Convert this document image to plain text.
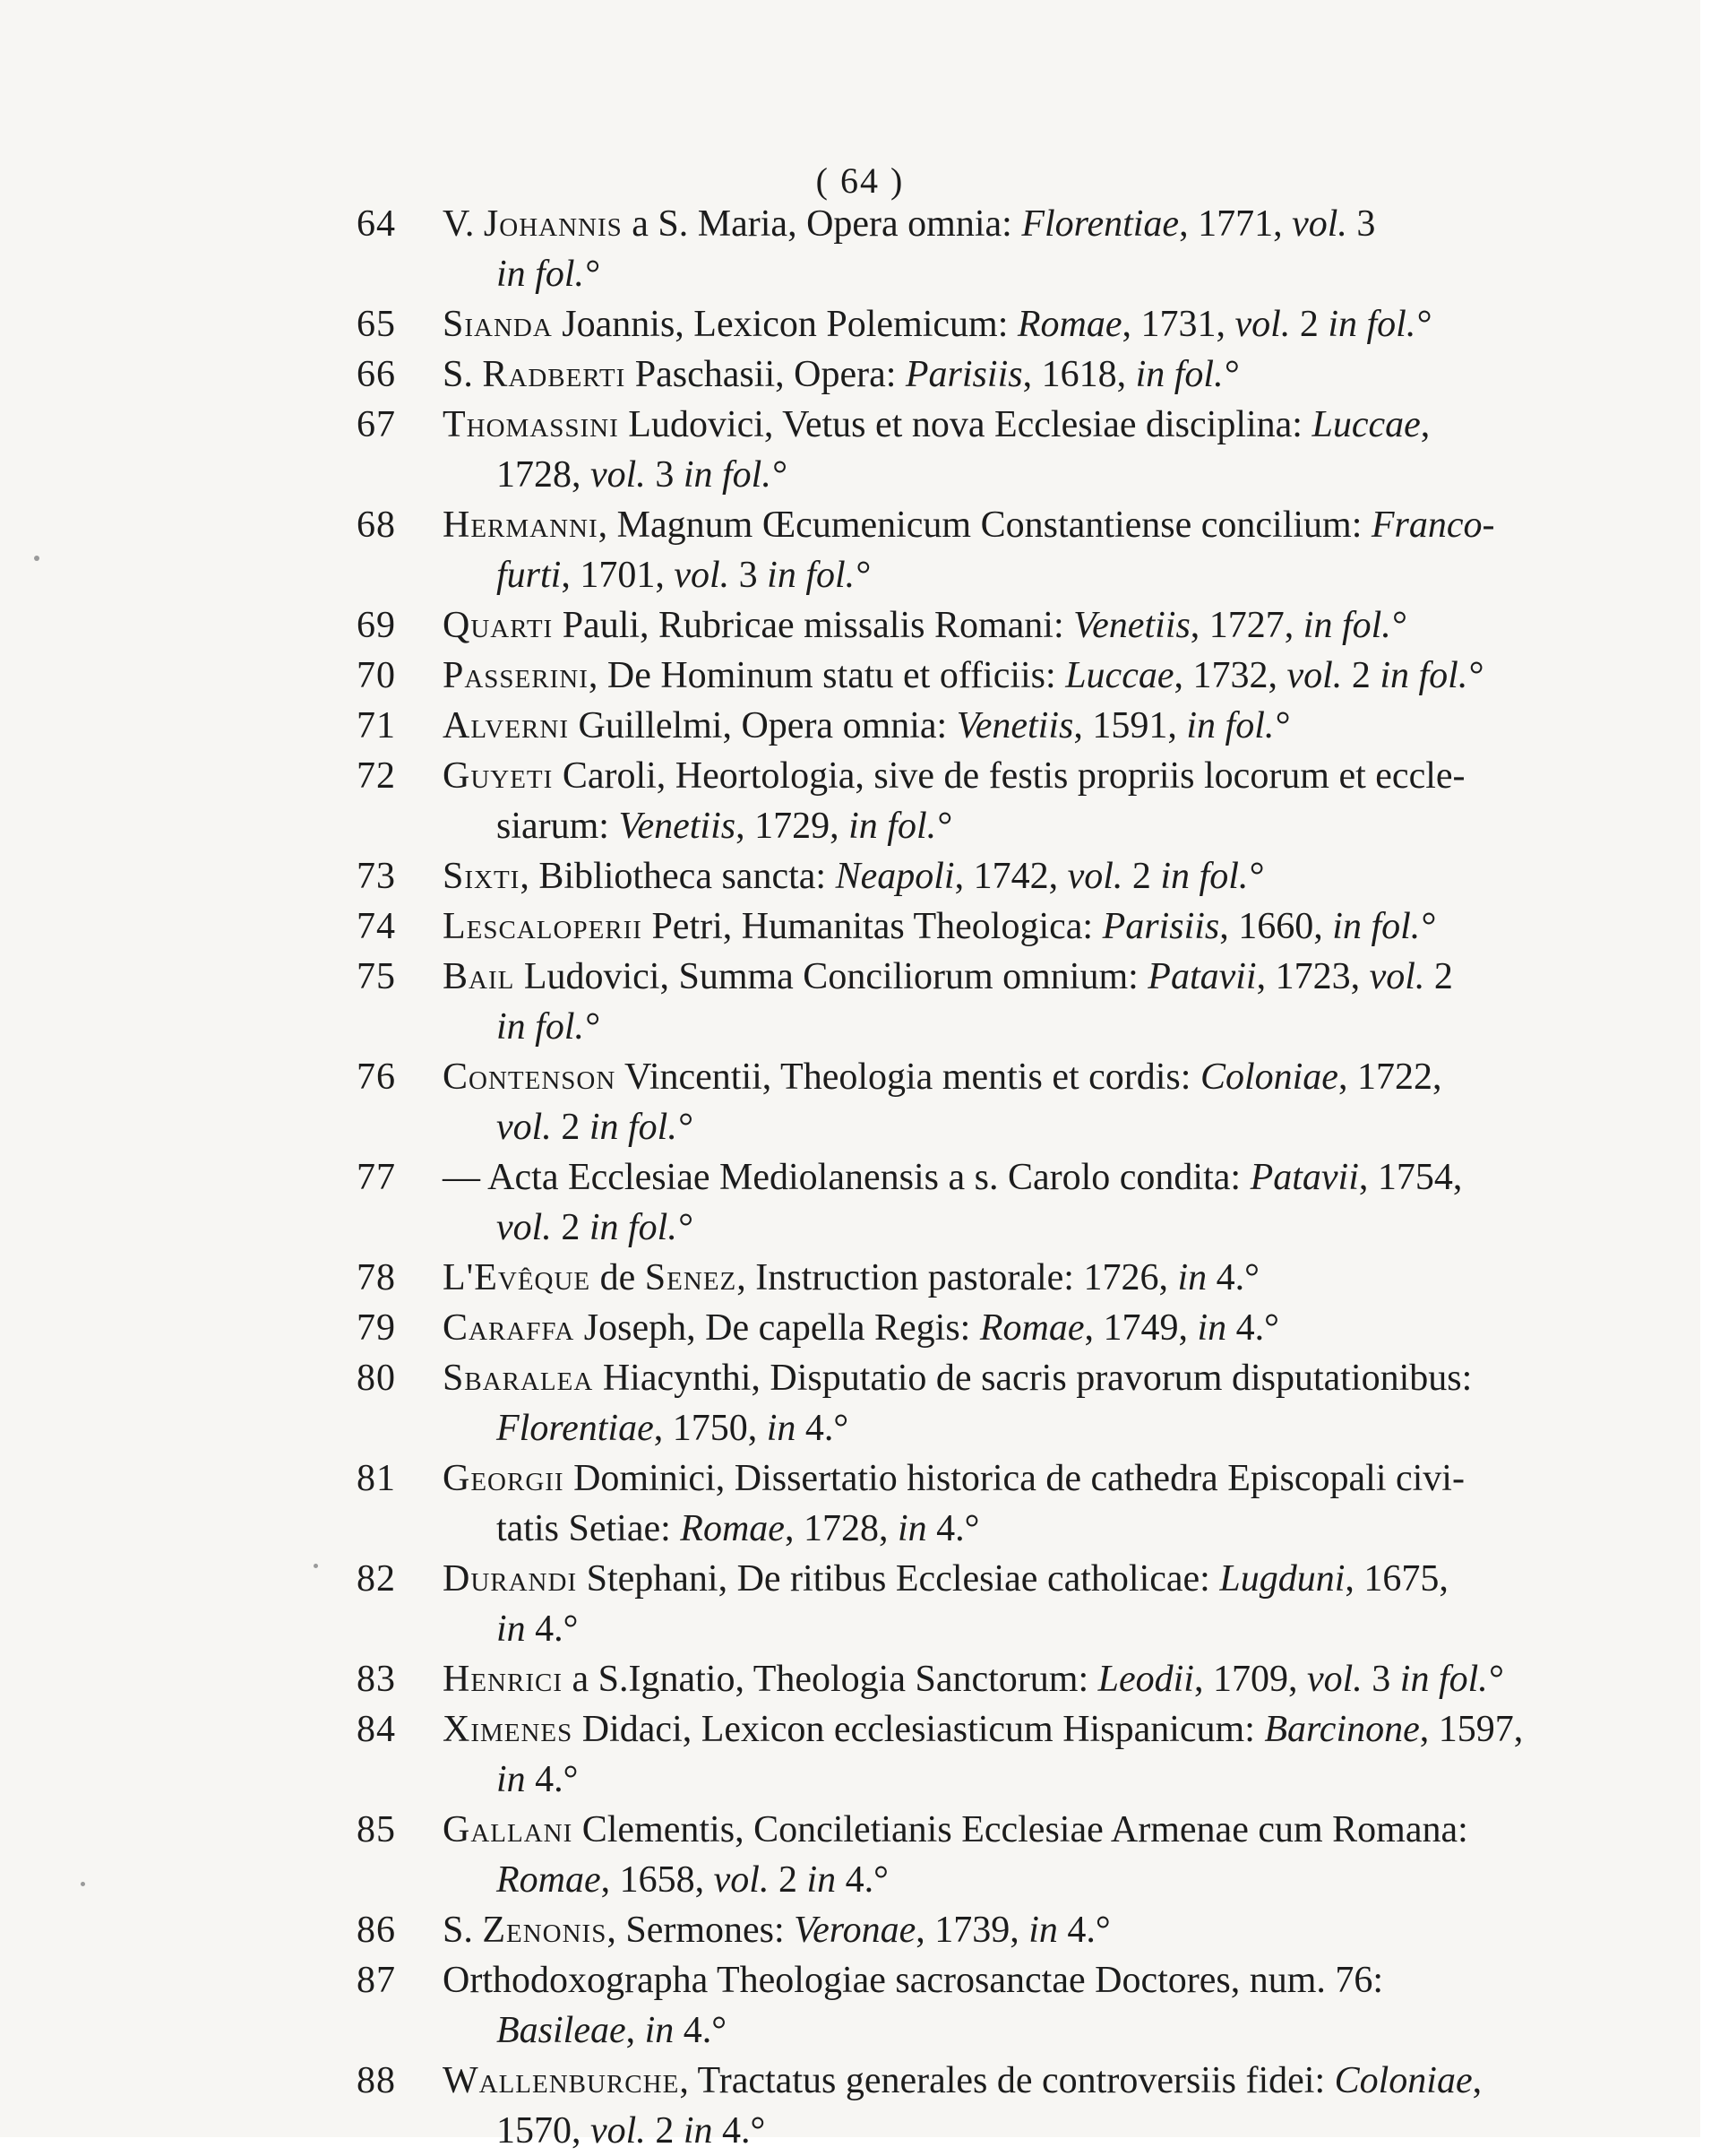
( 64 )
64	V. Johannis a S. Maria, Opera omnia: Florentiae, 1771, vol. 3
in fol.°
65	Sianda Joannis, Lexicon Polemicum: Romae, 1731, vol. 2 in fol.°
66	S. Radberti Paschasii, Opera: Parisiis, 1618, in fol.°
67	Thomassini Ludovici, Vetus et nova Ecclesiae disciplina: Luccae,
1728, vol. 3 in fol.°
68	Hermanni, Magnum Œcumenicum Constantiense concilium: Franco-
furti, 1701, vol. 3 in fol.°
69	Quarti Pauli, Rubricae missalis Romani: Venetiis, 1727, in fol.°
70	Passerini, De Hominum statu et officiis: Luccae, 1732, vol. 2 in fol.°
71	Alverni Guillelmi, Opera omnia: Venetiis, 1591, in fol.°
72	Guyeti Caroli, Heortologia, sive de festis propriis locorum et eccle-
siarum: Venetiis, 1729, in fol.°
73	Sixti, Bibliotheca sancta: Neapoli, 1742, vol. 2 in fol.°
74	Lescaloperii Petri, Humanitas Theologica: Parisiis, 1660, in fol.°
75	Bail Ludovici, Summa Conciliorum omnium: Patavii, 1723, vol. 2
in fol.°
76	Contenson Vincentii, Theologia mentis et cordis: Coloniae, 1722,
vol. 2 in fol.°
77	— Acta Ecclesiae Mediolanensis a s. Carolo condita: Patavii, 1754,
vol. 2 in fol.°
78	L'Evêque de Senez, Instruction pastorale: 1726, in 4.°
79	Caraffa Joseph, De capella Regis: Romae, 1749, in 4.°
80	Sbaralea Hiacynthi, Disputatio de sacris pravorum disputationibus:
Florentiae, 1750, in 4.°
81	Georgii Dominici, Dissertatio historica de cathedra Episcopali civi-
tatis Setiae: Romae, 1728, in 4.°
82	Durandi Stephani, De ritibus Ecclesiae catholicae: Lugduni, 1675,
in 4.°
83	Henrici a S.Ignatio, Theologia Sanctorum: Leodii, 1709, vol. 3 in fol.°
84	Ximenes Didaci, Lexicon ecclesiasticum Hispanicum: Barcinone, 1597,
in 4.°
85	Gallani Clementis, Conciletianis Ecclesiae Armenae cum Romana:
Romae, 1658, vol. 2 in 4.°
86	S. Zenonis, Sermones: Veronae, 1739, in 4.°
87	Orthodoxographa Theologiae sacrosanctae Doctores, num. 76:
Basileae, in 4.°
88	Wallenburche, Tractatus generales de controversiis fidei: Coloniae,
1570, vol. 2 in 4.°
